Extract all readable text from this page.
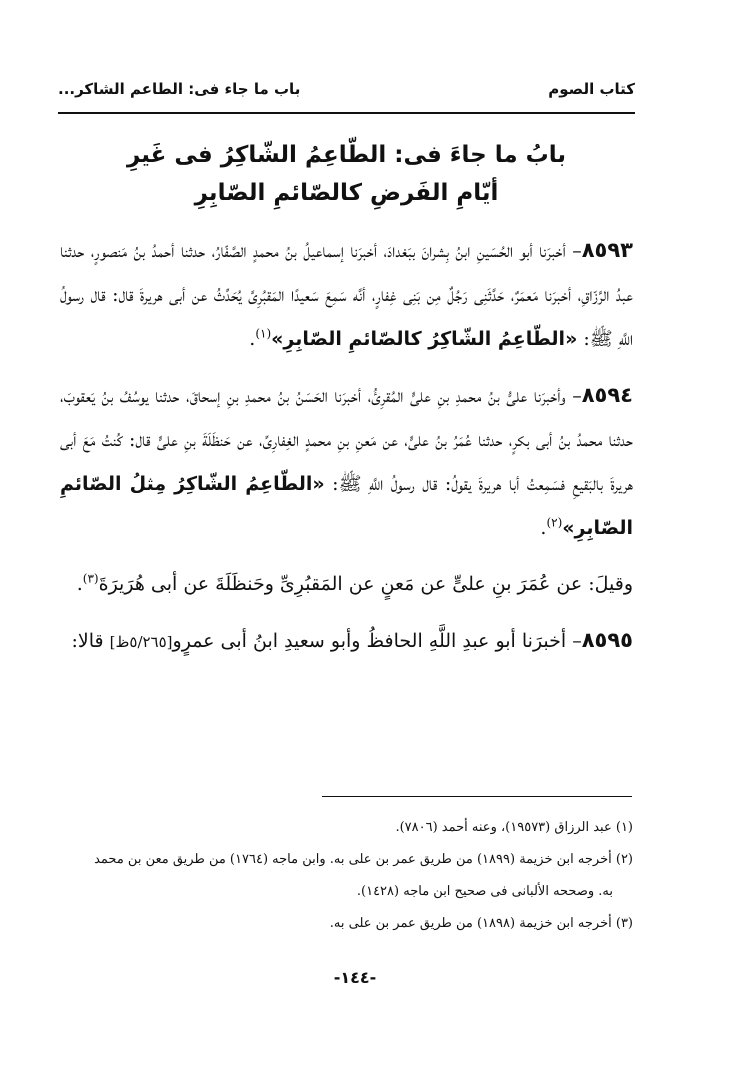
كتاب الصوم
باب ما جاء فى: الطاعم الشاكر...
بابُ ما جاءَ فى: الطّاعِمُ الشّاكِرُ فى غَيرِ
أيّامِ الفَرضِ كالصّائمِ الصّابِرِ

٨٥٩٣– أخبرَنا أبو الحُسَينِ ابنُ بِشرانَ ببَغدادَ، أخبرَنا إسماعيلُ بنُ محمدٍ الصَّفّارُ، حدثنا أحمدُ بنُ مَنصورٍ، حدثنا عبدُ الرَّزّاقِ، أخبرَنا مَعمَرٌ، حَدَّثَنِى رَجُلٌ مِن بَنِى غِفارٍ، أنَّه سَمِعَ سَعيدًا المَقبُرِىَّ يُحَدِّثُ عن أبى هريرةَ قال: قال رسولُ اللَّهِ ﷺ: «الطّاعِمُ الشّاكِرُ كالصّائمِ الصّابِرِ»$^{(١)}$.

٨٥٩٤– وأخبرَنا علىُّ بنُ محمدِ بنِ علىٍّ المُقرِئُ، أخبرَنا الحَسَنُ بنُ محمدِ بنِ إسحاقَ، حدثنا يوسُفُ بنُ يَعقوبَ، حدثنا محمدُ بنُ أبى بكرٍ، حدثنا عُمَرُ بنُ علىٍّ، عن مَعنِ بنِ محمدٍ الغِفارِىِّ، عن حَنظَلَةَ بنِ علىٍّ قال: كُنتُ مَعَ أبى هريرةَ بالبَقيعِ فسَمِعتُ أبا هريرةَ يقولُ: قال رسولُ اللَّهِ ﷺ: «الطّاعِمُ الشّاكِرُ مِثلُ الصّائمِ الصّابِرِ»$^{(٢)}$.

وقيلَ: عن عُمَرَ بنِ علىٍّ عن مَعنٍ عن المَقبُرِىِّ وحَنظَلَةَ عن أبى هُرَيرَةَ$^{(٣)}$.

٨٥٩٥– أخبرَنا أبو عبدِ اللَّهِ الحافظُ وأبو سعيدِ ابنُ أبى عمرٍو[٥/٢٦٥ظ] قالا:

(١) عبد الرزاق (١٩٥٧٣)، وعنه أحمد (٧٨٠٦).
(٢) أخرجه ابن خزيمة (١٨٩٩) من طريق عمر بن على به. وابن ماجه (١٧٦٤) من طريق معن بن محمد
به. وصححه الألبانى فى صحيح ابن ماجه (١٤٢٨).
(٣) أخرجه ابن خزيمة (١٨٩٨) من طريق عمر بن على به.
-١٤٤-
